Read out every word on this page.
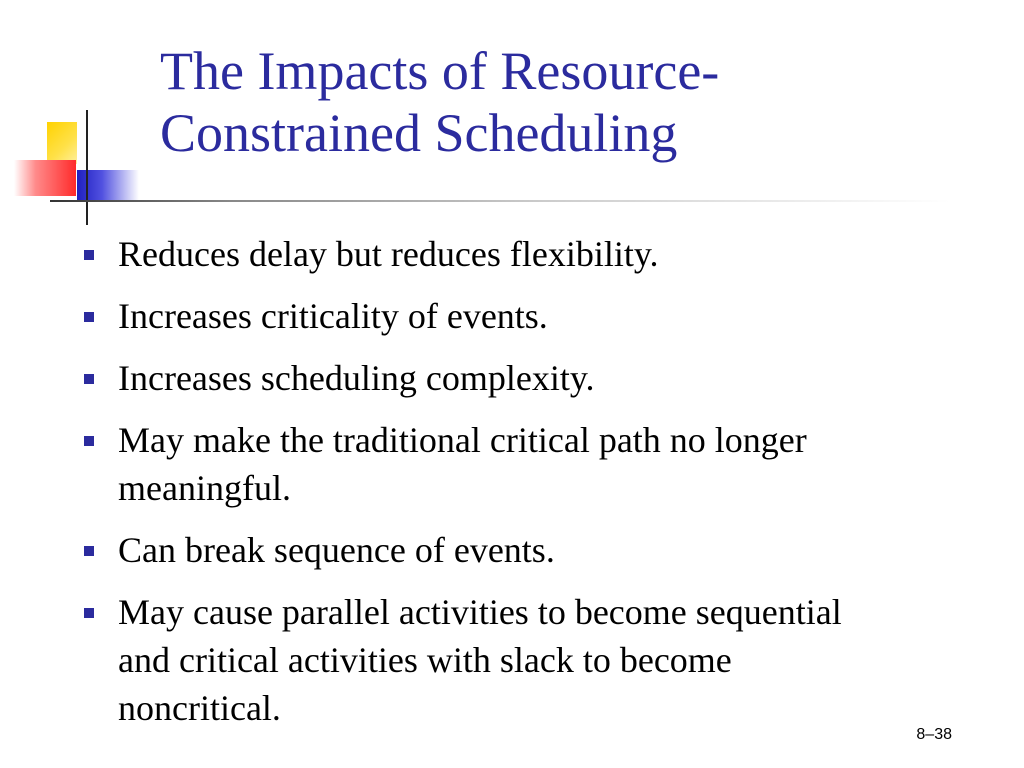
The Impacts of Resource-
Constrained Scheduling
Reduces delay but reduces flexibility.
Increases criticality of events.
Increases scheduling complexity.
May make the traditional critical path no longer meaningful.
Can break sequence of events.
May cause parallel activities to become sequential and critical activities with slack to become noncritical.
8–38
